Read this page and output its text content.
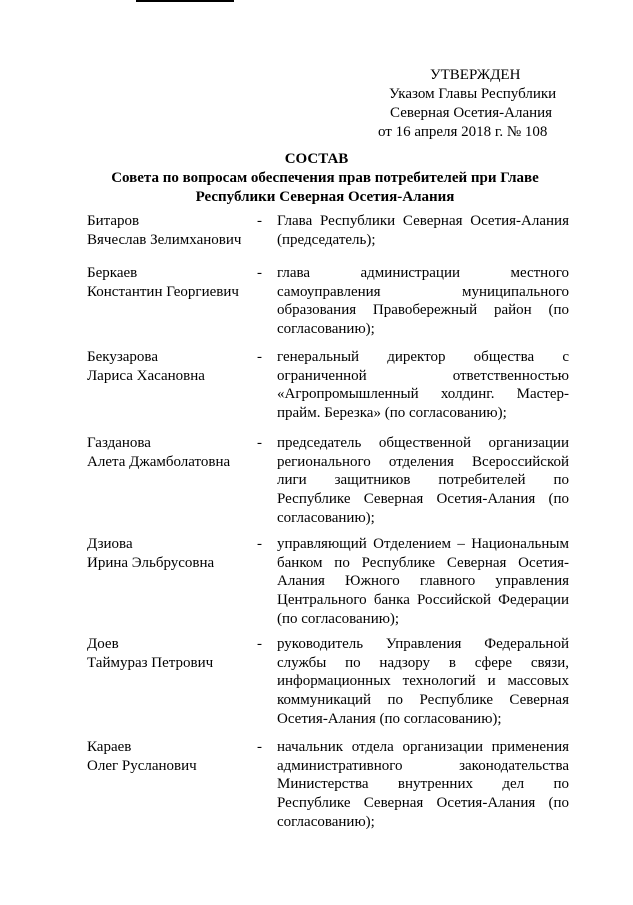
УТВЕРЖДЕН
Указом Главы Республики
Северная Осетия-Алания
от 16 апреля 2018 г. № 108
СОСТАВ
Совета по вопросам обеспечения прав потребителей при Главе Республики Северная Осетия-Алания
Битаров
Вячеслав Зелимханович
-	Глава Республики Северная Осетия-Алания
(председатель);
Беркаев
Константин Георгиевич
-	глава администрации местного
самоуправления муниципального
образования Правобережный район (по
согласованию);
Бекузарова
Лариса Хасановна
-	генеральный директор общества с
ограниченной ответственностью
«Агропромышленный холдинг. Мастер-
прайм. Березка» (по согласованию);
Газданова
Алета Джамболатовна
-	председатель общественной организации
регионального отделения Всероссийской
лиги защитников потребителей по
Республике Северная Осетия-Алания (по
согласованию);
Дзиова
Ирина Эльбрусовна
-	управляющий Отделением – Национальным
банком по Республике Северная Осетия-
Алания Южного главного управления
Центрального банка Российской Федерации
(по согласованию);
Доев
Таймураз Петрович
-	руководитель Управления Федеральной
службы по надзору в сфере связи,
информационных технологий и массовых
коммуникаций по Республике Северная
Осетия-Алания (по согласованию);
Караев
Олег Русланович
-	начальник отдела организации применения
административного законодательства
Министерства внутренних дел по
Республике Северная Осетия-Алания (по
согласованию);
